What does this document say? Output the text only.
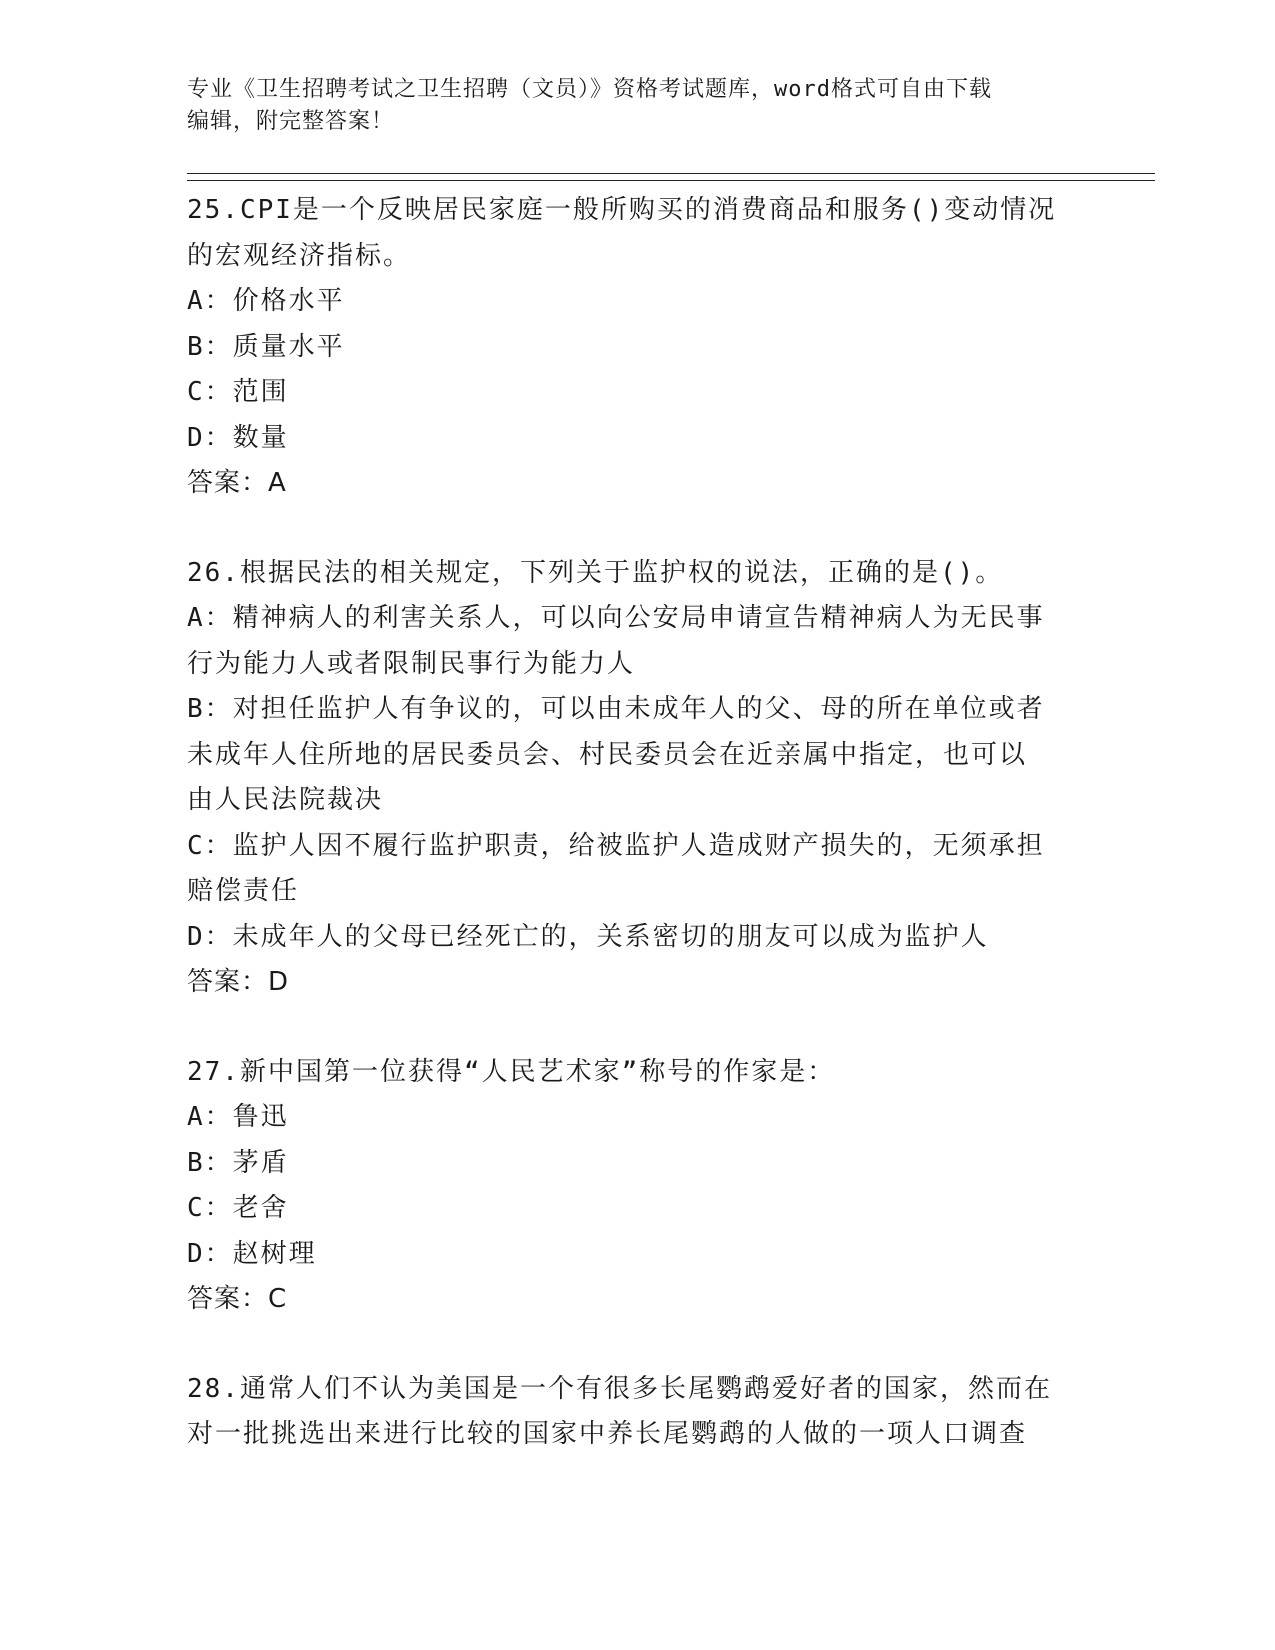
专业《卫生招聘考试之卫生招聘（文员）》资格考试题库，word格式可自由下载
编辑，附完整答案！
25.CPI是一个反映居民家庭一般所购买的消费商品和服务()变动情况
的宏观经济指标。
A：价格水平
B：质量水平
C：范围
D：数量
答案：A
26.根据民法的相关规定，下列关于监护权的说法，正确的是()。
A：精神病人的利害关系人，可以向公安局申请宣告精神病人为无民事
行为能力人或者限制民事行为能力人
B：对担任监护人有争议的，可以由未成年人的父、母的所在单位或者
未成年人住所地的居民委员会、村民委员会在近亲属中指定，也可以
由人民法院裁决
C：监护人因不履行监护职责，给被监护人造成财产损失的，无须承担
赔偿责任
D：未成年人的父母已经死亡的，关系密切的朋友可以成为监护人
答案：D
27.新中国第一位获得“人民艺术家”称号的作家是：
A：鲁迅
B：茅盾
C：老舍
D：赵树理
答案：C
28.通常人们不认为美国是一个有很多长尾鹦鹉爱好者的国家，然而在
对一批挑选出来进行比较的国家中养长尾鹦鹉的人做的一项人口调查
